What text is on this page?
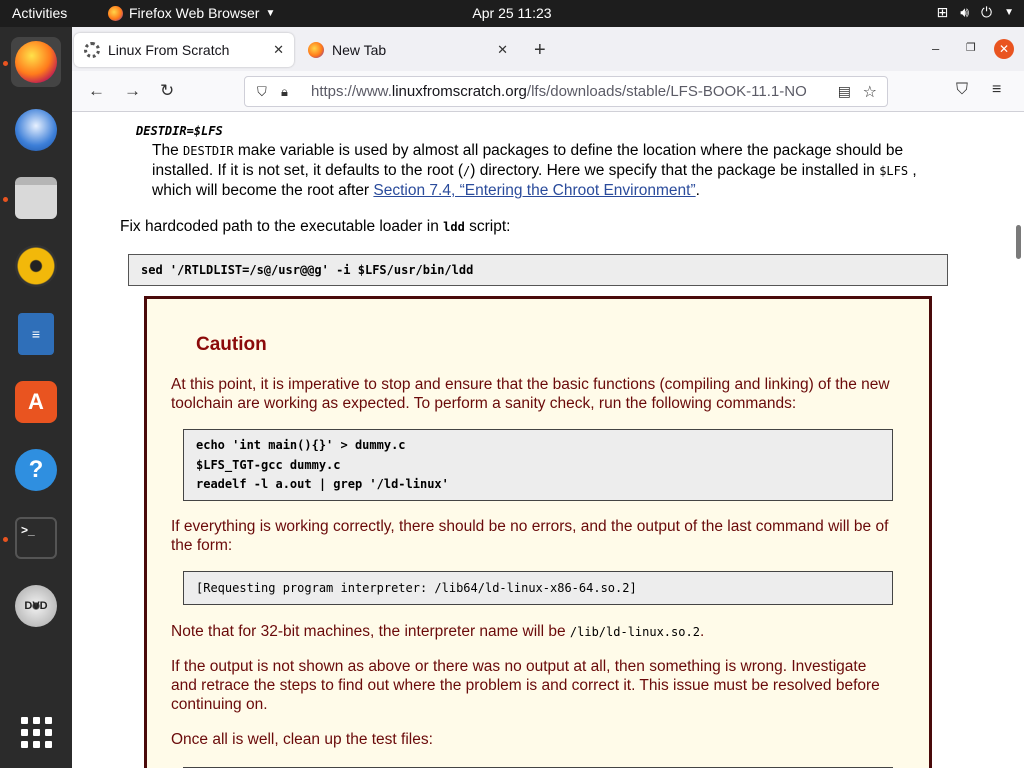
Activities	Firefox Web Browser ▼	Apr 25 11:23	⊞ 🔊︎ ⏻ ▼
≡
A
?
>_
DVD
Linux From Scratch	✕	New Tab	✕ +	– ❐	✕
← → ↻	⛉	🔒︎	https://www.linuxfromscratch.org/lfs/downloads/stable/LFS-BOOK-11.1-NO	▤ ☆	⛉ ≡
DESTDIR=$LFS
The DESTDIR make variable is used by almost all packages to define the location where the package should be
installed. If it is not set, it defaults to the root (/) directory. Here we specify that the package be installed in $LFS ,
which will become the root after Section 7.4, “Entering the Chroot Environment”.
Fix hardcoded path to the executable loader in ldd script:
sed '/RTLDLIST=/s@/usr@@g' -i $LFS/usr/bin/ldd
Caution
At this point, it is imperative to stop and ensure that the basic functions (compiling and linking) of the new
toolchain are working as expected. To perform a sanity check, run the following commands:
echo 'int main(){}' > dummy.c
$LFS_TGT-gcc dummy.c
readelf -l a.out | grep '/ld-linux'
If everything is working correctly, there should be no errors, and the output of the last command will be of
the form:
[Requesting program interpreter: /lib64/ld-linux-x86-64.so.2]
Note that for 32-bit machines, the interpreter name will be /lib/ld-linux.so.2.
If the output is not shown as above or there was no output at all, then something is wrong. Investigate
and retrace the steps to find out where the problem is and correct it. This issue must be resolved before
continuing on.
Once all is well, clean up the test files:
